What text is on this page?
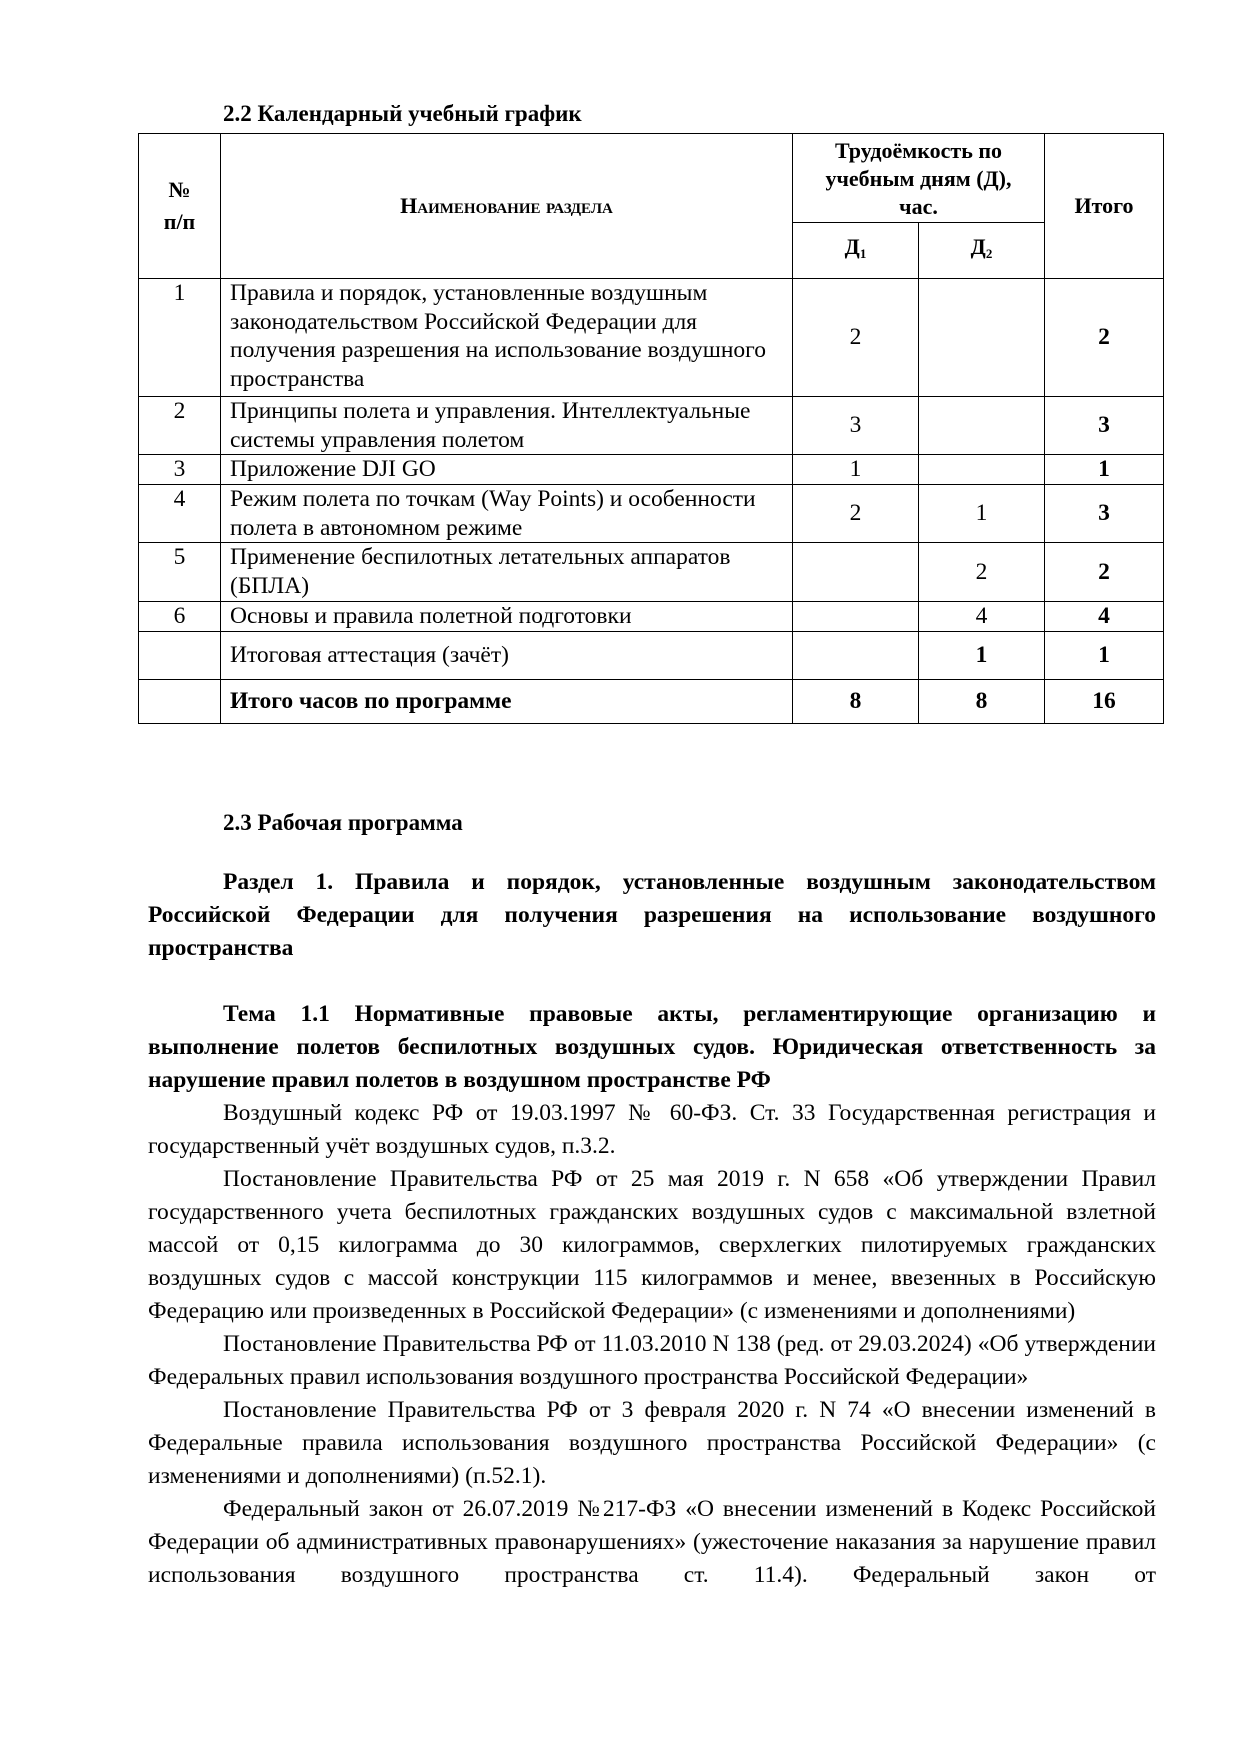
2.2 Календарный учебный график
№ п/п	Наименование раздела	Трудоёмкость по учебным дням (Д), час.		Итого
		$Д_1$	$Д_2$
1	Правила и порядок, установленные воздушным законодательством Российской Федерации для получения разрешения на использование воздушного пространства	2		2
2	Принципы полета и управления. Интеллектуальные системы управления полетом	3		3
3	Приложение DJI GO	1		1
4	Режим полета по точкам (Way Points) и особенности полета в автономном режиме	2	1	3
5	Применение беспилотных летательных аппаратов (БПЛА)		2	2
6	Основы и правила полетной подготовки		4	4
	Итоговая аттестация (зачёт)		1	1
	Итого часов по программе	8	8	16
2.3 Рабочая программа

Раздел 1. Правила и порядок, установленные воздушным законодательством Российской Федерации для получения разрешения на использование воздушного пространства

Тема 1.1 Нормативные правовые акты, регламентирующие организацию и выполнение полетов беспилотных воздушных судов. Юридическая ответственность за нарушение правил полетов в воздушном пространстве РФ

Воздушный кодекс РФ от 19.03.1997 № 60-ФЗ. Ст. 33 Государственная регистрация и государственный учёт воздушных судов, п.3.2.

Постановление Правительства РФ от 25 мая 2019 г. N 658 «Об утверждении Правил государственного учета беспилотных гражданских воздушных судов с максимальной взлетной массой от 0,15 килограмма до 30 килограммов, сверхлегких пилотируемых гражданских воздушных судов с массой конструкции 115 килограммов и менее, ввезенных в Российскую Федерацию или произведенных в Российской Федерации» (с изменениями и дополнениями)

Постановление Правительства РФ от 11.03.2010 N 138 (ред. от 29.03.2024) «Об утверждении Федеральных правил использования воздушного пространства Российской Федерации»

Постановление Правительства РФ от 3 февраля 2020 г. N 74 «О внесении изменений в Федеральные правила использования воздушного пространства Российской Федерации» (с изменениями и дополнениями) (п.52.1).

Федеральный закон от 26.07.2019 №217-ФЗ «О внесении изменений в Кодекс Российской Федерации об административных правонарушениях» (ужесточение наказания за нарушение правил использования воздушного пространства ст. 11.4). Федеральный закон от
